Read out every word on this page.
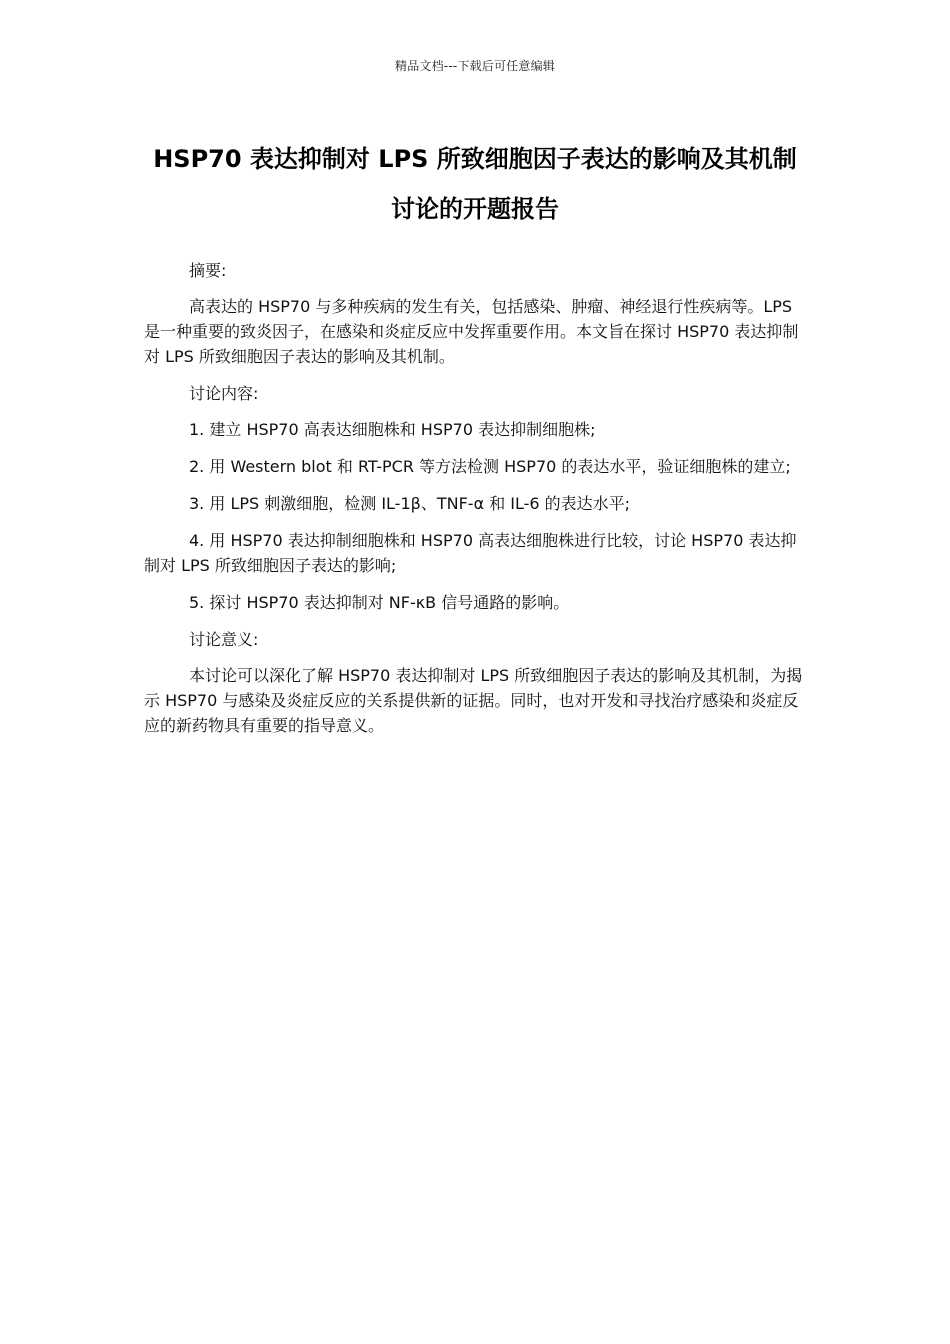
精品文档---下载后可任意编辑
HSP70 表达抑制对 LPS 所致细胞因子表达的影响及其机制
讨论的开题报告

摘要:

高表达的 HSP70 与多种疾病的发生有关，包括感染、肿瘤、神经退行性疾病等。LPS 是一种重要的致炎因子，在感染和炎症反应中发挥重要作用。本文旨在探讨 HSP70 表达抑制对 LPS 所致细胞因子表达的影响及其机制。

讨论内容:

1. 建立 HSP70 高表达细胞株和 HSP70 表达抑制细胞株;

2. 用 Western blot 和 RT-PCR 等方法检测 HSP70 的表达水平，验证细胞株的建立;

3. 用 LPS 刺激细胞，检测 IL-1β、TNF-α 和 IL-6 的表达水平;

4. 用 HSP70 表达抑制细胞株和 HSP70 高表达细胞株进行比较，讨论 HSP70 表达抑制对 LPS 所致细胞因子表达的影响;

5. 探讨 HSP70 表达抑制对 NF-κB 信号通路的影响。

讨论意义:

本讨论可以深化了解 HSP70 表达抑制对 LPS 所致细胞因子表达的影响及其机制，为揭示 HSP70 与感染及炎症反应的关系提供新的证据。同时，也对开发和寻找治疗感染和炎症反应的新药物具有重要的指导意义。
